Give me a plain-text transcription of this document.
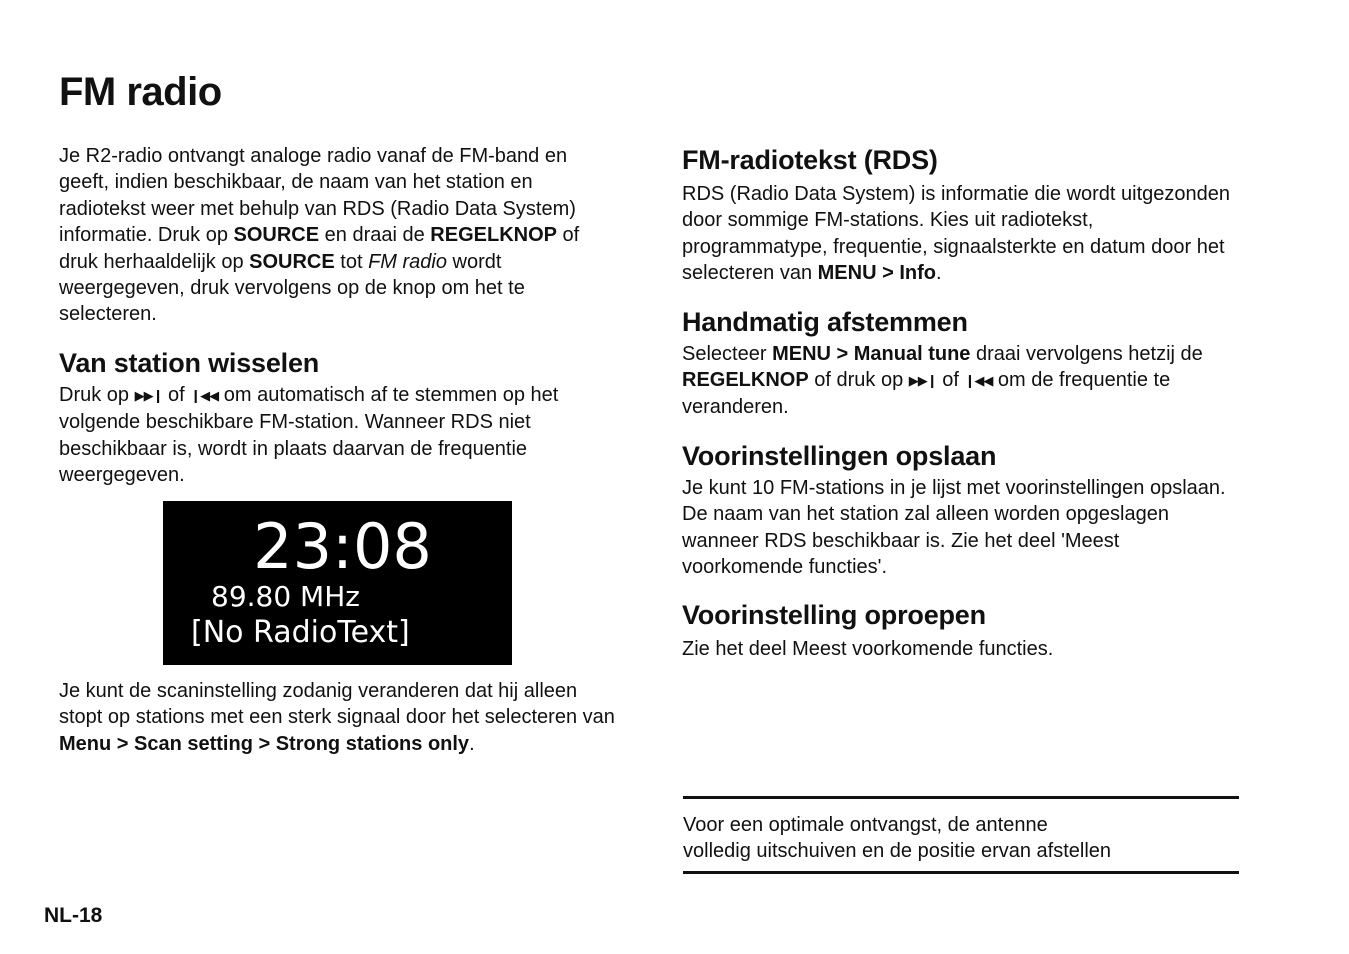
FM radio

Je R2-radio ontvangt analoge radio vanaf de FM-band en geeft, indien beschikbaar, de naam van het station en radiotekst weer met behulp van RDS (Radio Data System) informatie. Druk op SOURCE en draai de REGELKNOP of druk herhaaldelijk op SOURCE tot FM radio wordt weergegeven, druk vervolgens op de knop om het te selecteren.

Van station wisselen

Druk op ▶▶❙ of ❙◀◀ om automatisch af te stemmen op het volgende beschikbare FM-station. Wanneer RDS niet beschikbaar is, wordt in plaats daarvan de frequentie weergegeven.

23:08
89.80 MHz
[No RadioText]

Je kunt de scaninstelling zodanig veranderen dat hij alleen stopt op stations met een sterk signaal door het selecteren van Menu > Scan setting > Strong stations only.

FM-radiotekst (RDS)

RDS (Radio Data System) is informatie die wordt uitgezonden door sommige FM-stations. Kies uit radiotekst, programmatype, frequentie, signaalsterkte en datum door het selecteren van MENU > Info.

Handmatig afstemmen

Selecteer MENU > Manual tune draai vervolgens hetzij de REGELKNOP of druk op ▶▶❙ of ❙◀◀ om de frequentie te veranderen.

Voorinstellingen opslaan

Je kunt 10 FM-stations in je lijst met voorinstellingen opslaan. De naam van het station zal alleen worden opgeslagen wanneer RDS beschikbaar is. Zie het deel 'Meest voorkomende functies'.

Voorinstelling oproepen

Zie het deel Meest voorkomende functies.

Voor een optimale ontvangst, de antenne
volledig uitschuiven en de positie ervan afstellen

NL-18
